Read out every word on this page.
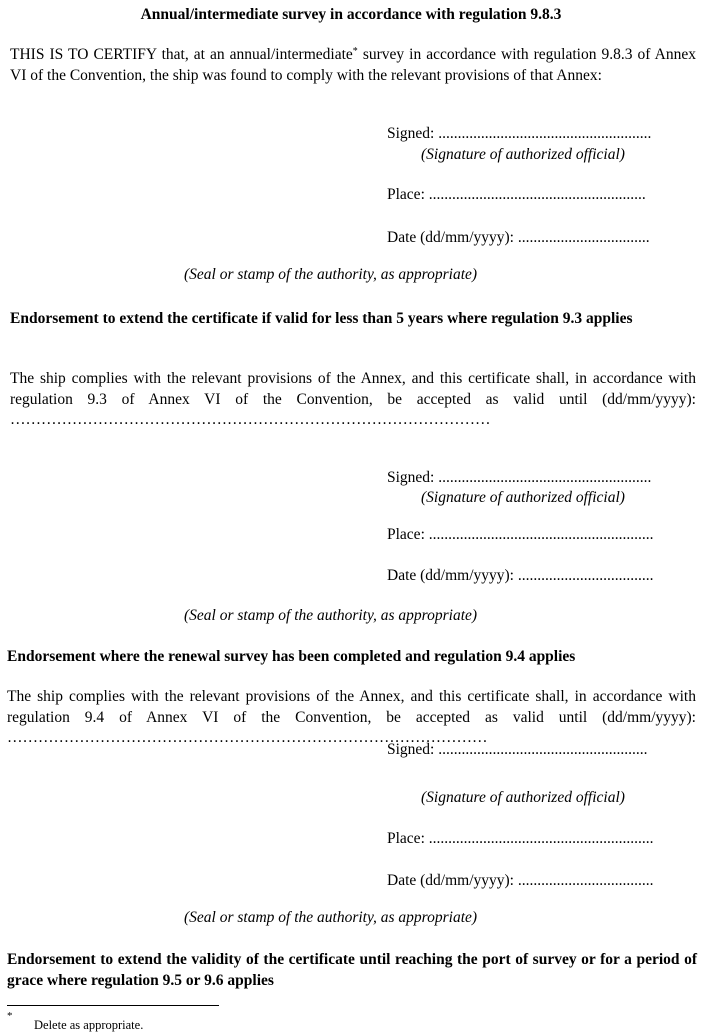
Annual/intermediate survey in accordance with regulation 9.8.3
THIS IS TO CERTIFY that, at an annual/intermediate* survey in accordance with regulation 9.8.3 of Annex VI of the Convention, the ship was found to comply with the relevant provisions of that Annex:
Signed: .......................................................
(Signature of authorized official)
Place: ........................................................
Date (dd/mm/yyyy): ..................................
(Seal or stamp of the authority, as appropriate)
Endorsement to extend the certificate if valid for less than 5 years where regulation 9.3 applies
The ship complies with the relevant provisions of the Annex, and this certificate shall, in accordance with regulation 9.3 of Annex VI of the Convention, be accepted as valid until (dd/mm/yyyy): …………………………………………………………………………………
Signed: .......................................................
(Signature of authorized official)
Place: ..........................................................
Date (dd/mm/yyyy): ...................................
(Seal or stamp of the authority, as appropriate)
Endorsement where the renewal survey has been completed and regulation 9.4 applies
The ship complies with the relevant provisions of the Annex, and this certificate shall, in accordance with regulation 9.4 of Annex VI of the Convention, be accepted as valid until (dd/mm/yyyy): …………………………………………………………………………………
Signed: ......................................................
(Signature of authorized official)
Place: ..........................................................
Date (dd/mm/yyyy): ...................................
(Seal or stamp of the authority, as appropriate)
Endorsement to extend the validity of the certificate until reaching the port of survey or for a period of grace where regulation 9.5 or 9.6 applies
*
Delete as appropriate.
